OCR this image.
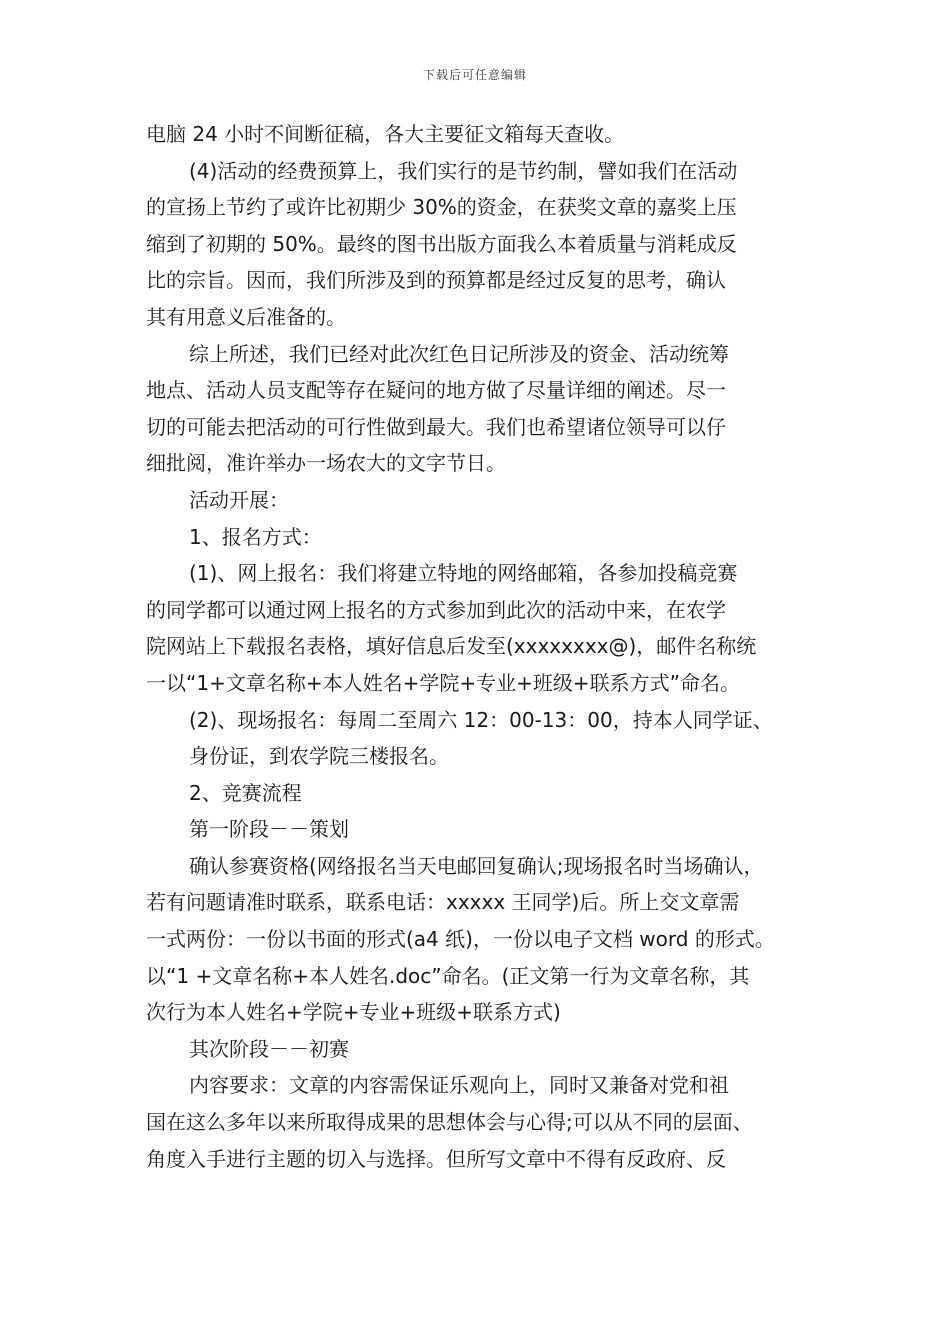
下载后可任意编辑
电脑 24 小时不间断征稿，各大主要征文箱每天查收。
(4)活动的经费预算上，我们实行的是节约制，譬如我们在活动
的宣扬上节约了或许比初期少 30%的资金，在获奖文章的嘉奖上压
缩到了初期的 50%。最终的图书出版方面我么本着质量与消耗成反
比的宗旨。因而，我们所涉及到的预算都是经过反复的思考，确认
其有用意义后准备的。
综上所述，我们已经对此次红色日记所涉及的资金、活动统筹
地点、活动人员支配等存在疑问的地方做了尽量详细的阐述。尽一
切的可能去把活动的可行性做到最大。我们也希望诸位领导可以仔
细批阅，准许举办一场农大的文字节日。
活动开展：
1、报名方式：
(1)、网上报名：我们将建立特地的网络邮箱，各参加投稿竞赛
的同学都可以通过网上报名的方式参加到此次的活动中来，在农学
院网站上下载报名表格，填好信息后发至(xxxxxxxx@)，邮件名称统
一以“1+文章名称+本人姓名+学院+专业+班级+联系方式”命名。
(2)、现场报名：每周二至周六 12：00-13：00，持本人同学证、
身份证，到农学院三楼报名。
2、竞赛流程
第一阶段－－策划
确认参赛资格(网络报名当天电邮回复确认;现场报名时当场确认，
若有问题请准时联系，联系电话：xxxxx 王同学)后。所上交文章需
一式两份：一份以书面的形式(a4 纸)，一份以电子文档 word 的形式。
以“1 +文章名称+本人姓名.doc”命名。(正文第一行为文章名称，其
次行为本人姓名+学院+专业+班级+联系方式)
其次阶段－－初赛
内容要求：文章的内容需保证乐观向上，同时又兼备对党和祖
国在这么多年以来所取得成果的思想体会与心得;可以从不同的层面、
角度入手进行主题的切入与选择。但所写文章中不得有反政府、反
